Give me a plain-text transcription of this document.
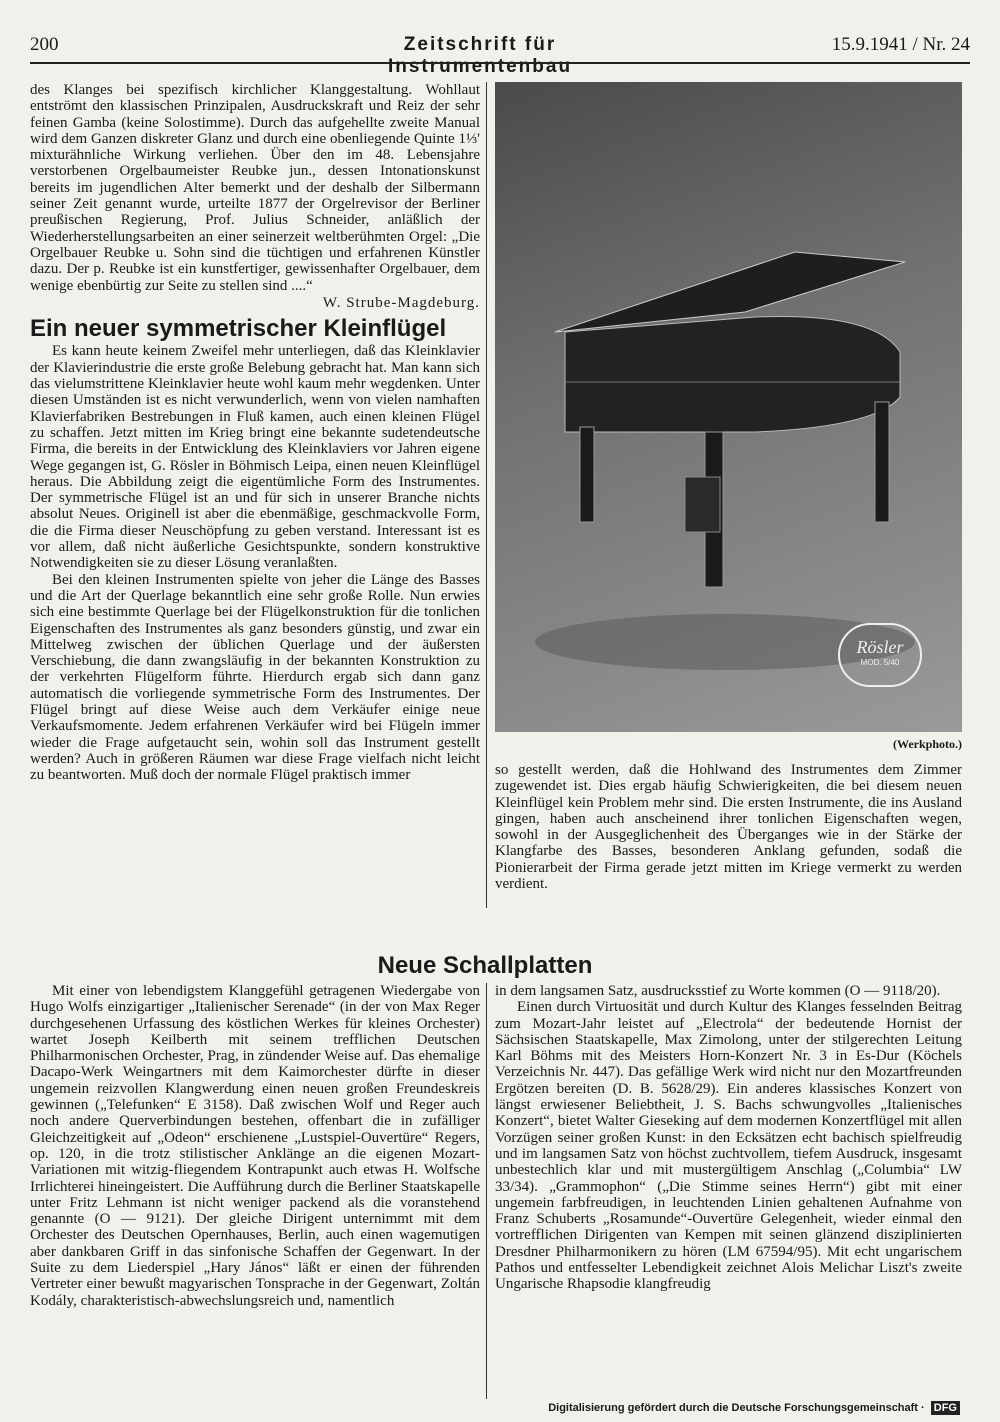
200	Zeitschrift für Instrumentenbau
15.9.1941 / Nr. 24

des Klanges bei spezifisch kirchlicher Klanggestaltung. Wohllaut entströmt den klassischen Prinzipalen, Ausdruckskraft und Reiz der sehr feinen Gamba (keine Solostimme). Durch das aufgehellte zweite Manual wird dem Ganzen diskreter Glanz und durch eine obenliegende Quinte 1⅓' mixturähnliche Wirkung verliehen. Über den im 48. Lebensjahre verstorbenen Orgelbaumeister Reubke jun., dessen Intonationskunst bereits im jugendlichen Alter bemerkt und der deshalb der Silbermann seiner Zeit genannt wurde, urteilte 1877 der Orgelrevisor der Berliner preußischen Regierung, Prof. Julius Schneider, anläßlich der Wiederherstellungsarbeiten an einer seinerzeit weltberühmten Orgel: „Die Orgelbauer Reubke u. Sohn sind die tüchtigen und erfahrenen Künstler dazu. Der p. Reubke ist ein kunstfertiger, gewissenhafter Orgelbauer, dem wenige ebenbürtig zur Seite zu stellen sind ....“

W. Strube-Magdeburg.
Ein neuer symmetrischer Kleinflügel

Es kann heute keinem Zweifel mehr unterliegen, daß das Kleinklavier der Klavierindustrie die erste große Belebung gebracht hat. Man kann sich das vielumstrittene Kleinklavier heute wohl kaum mehr wegdenken. Unter diesen Umständen ist es nicht verwunderlich, wenn von vielen namhaften Klavierfabriken Bestrebungen in Fluß kamen, auch einen kleinen Flügel zu schaffen. Jetzt mitten im Krieg bringt eine bekannte sudetendeutsche Firma, die bereits in der Entwicklung des Kleinklaviers vor Jahren eigene Wege gegangen ist, G. Rösler in Böhmisch Leipa, einen neuen Kleinflügel heraus. Die Abbildung zeigt die eigentümliche Form des Instrumentes. Der symmetrische Flügel ist an und für sich in unserer Branche nichts absolut Neues. Originell ist aber die ebenmäßige, geschmackvolle Form, die die Firma dieser Neuschöpfung zu geben verstand. Interessant ist es vor allem, daß nicht äußerliche Gesichtspunkte, sondern konstruktive Notwendigkeiten sie zu dieser Lösung veranlaßten.

Bei den kleinen Instrumenten spielte von jeher die Länge des Basses und die Art der Querlage bekanntlich eine sehr große Rolle. Nun erwies sich eine bestimmte Querlage bei der Flügelkonstruktion für die tonlichen Eigenschaften des Instrumentes als ganz besonders günstig, und zwar ein Mittelweg zwischen der üblichen Querlage und der äußersten Verschiebung, die dann zwangsläufig in der bekannten Konstruktion zu der verkehrten Flügelform führte. Hierdurch ergab sich dann ganz automatisch die vorliegende symmetrische Form des Instrumentes. Der Flügel bringt auf diese Weise auch dem Verkäufer einige neue Verkaufsmomente. Jedem erfahrenen Verkäufer wird bei Flügeln immer wieder die Frage aufgetaucht sein, wohin soll das Instrument gestellt werden? Auch in größeren Räumen war diese Frage vielfach nicht leicht zu beantworten. Muß doch der normale Flügel praktisch immer

Rösler
MOD. 5/40
(Werkphoto.)

so gestellt werden, daß die Hohlwand des Instrumentes dem Zimmer zugewendet ist. Dies ergab häufig Schwierigkeiten, die bei diesem neuen Kleinflügel kein Problem mehr sind. Die ersten Instrumente, die ins Ausland gingen, haben auch anscheinend ihrer tonlichen Eigenschaften wegen, sowohl in der Ausgeglichenheit des Überganges wie in der Stärke der Klangfarbe des Basses, besonderen Anklang gefunden, sodaß die Pionierarbeit der Firma gerade jetzt mitten im Kriege vermerkt zu werden verdient.

Neue Schallplatten

Mit einer von lebendigstem Klanggefühl getragenen Wiedergabe von Hugo Wolfs einzigartiger „Italienischer Serenade“ (in der von Max Reger durchgesehenen Urfassung des köstlichen Werkes für kleines Orchester) wartet Joseph Keilberth mit seinem trefflichen Deutschen Philharmonischen Orchester, Prag, in zündender Weise auf. Das ehemalige Dacapo-Werk Weingartners mit dem Kaimorchester dürfte in dieser ungemein reizvollen Klangwerdung einen neuen großen Freundeskreis gewinnen („Telefunken“ E 3158). Daß zwischen Wolf und Reger auch noch andere Querverbindungen bestehen, offenbart die in zufälliger Gleichzeitigkeit auf „Odeon“ erschienene „Lustspiel-Ouvertüre“ Regers, op. 120, in die trotz stilistischer Anklänge an die eigenen Mozart-Variationen mit witzig-fliegendem Kontrapunkt auch etwas H. Wolfsche Irrlichterei hineingeistert. Die Aufführung durch die Berliner Staatskapelle unter Fritz Lehmann ist nicht weniger packend als die voranstehend genannte (O — 9121). Der gleiche Dirigent unternimmt mit dem Orchester des Deutschen Opernhauses, Berlin, auch einen wagemutigen aber dankbaren Griff in das sinfonische Schaffen der Gegenwart. In der Suite zu dem Liederspiel „Hary János“ läßt er einen der führenden Vertreter einer bewußt magyarischen Tonsprache in der Gegenwart, Zoltán Kodály, charakteristisch-abwechslungsreich und, namentlich

in dem langsamen Satz, ausdrucksstief zu Worte kommen (O — 9118/20).

Einen durch Virtuosität und durch Kultur des Klanges fesselnden Beitrag zum Mozart-Jahr leistet auf „Electrola“ der bedeutende Hornist der Sächsischen Staatskapelle, Max Zimolong, unter der stilgerechten Leitung Karl Böhms mit des Meisters Horn-Konzert Nr. 3 in Es-Dur (Köchels Verzeichnis Nr. 447). Das gefällige Werk wird nicht nur den Mozartfreunden Ergötzen bereiten (D. B. 5628/29). Ein anderes klassisches Konzert von längst erwiesener Beliebtheit, J. S. Bachs schwungvolles „Italienisches Konzert“, bietet Walter Gieseking auf dem modernen Konzertflügel mit allen Vorzügen seiner großen Kunst: in den Ecksätzen echt bachisch spielfreudig und im langsamen Satz von höchst zuchtvollem, tiefem Ausdruck, insgesamt unbestechlich klar und mit mustergültigem Anschlag („Columbia“ LW 33/34). „Grammophon“ („Die Stimme seines Herrn“) gibt mit einer ungemein farbfreudigen, in leuchtenden Linien gehaltenen Aufnahme von Franz Schuberts „Rosamunde“-Ouvertüre Gelegenheit, wieder einmal den vortrefflichen Dirigenten van Kempen mit seinen glänzend disziplinierten Dresdner Philharmonikern zu hören (LM 67594/95). Mit echt ungarischem Pathos und entfesselter Lebendigkeit zeichnet Alois Melichar Liszt's zweite Ungarische Rhapsodie klangfreudig

Digitalisierung gefördert durch die Deutsche Forschungsgemeinschaft · DFG
